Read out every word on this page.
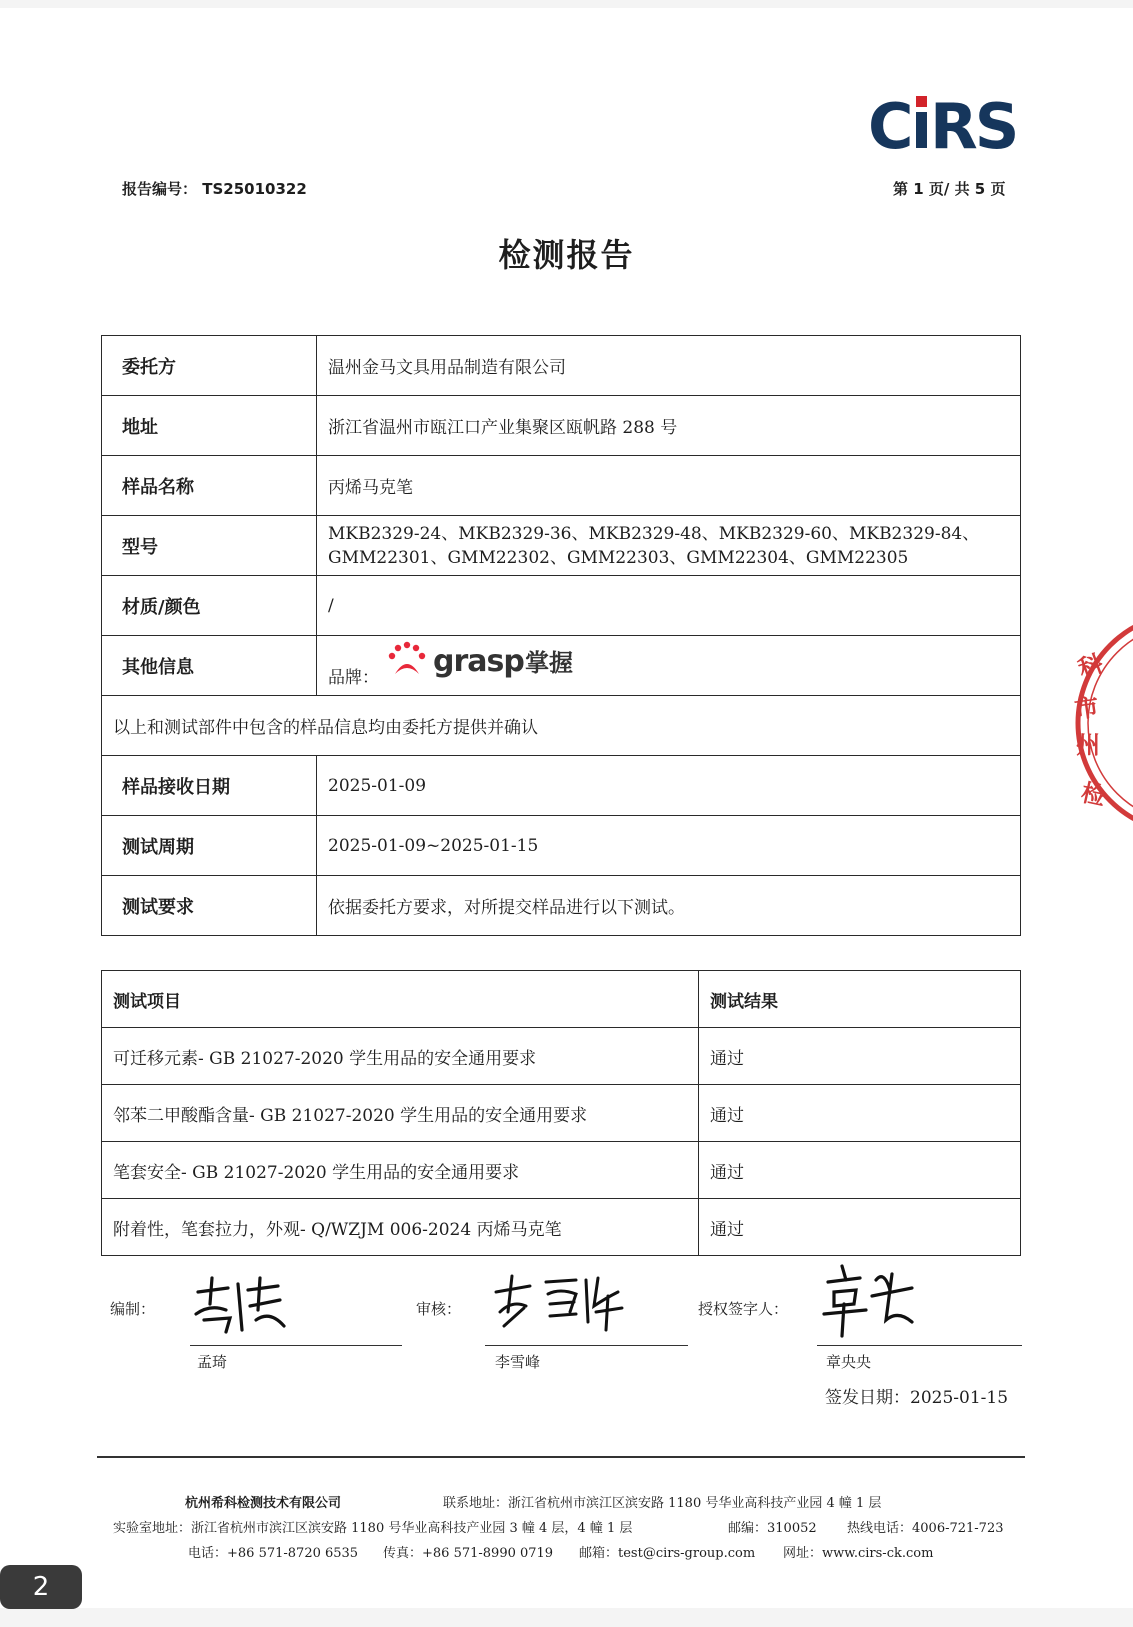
C RS
报告编号： TS25010322	第 1 页/ 共 5 页
检测报告
委托方	温州金马文具用品制造有限公司
地址	浙江省温州市瓯江口产业集聚区瓯帆路 288 号
样品名称	丙烯马克笔
型号	MKB2329-24、MKB2329-36、MKB2329-48、MKB2329-60、MKB2329-84、
GMM22301、GMM22302、GMM22303、GMM22304、GMM22305

材质/颜色	/
其他信息	品牌： grasp 掌握

以上和测试部件中包含的样品信息均由委托方提供并确认	
样品接收日期	2025-01-09
测试周期	2025-01-09~2025-01-15
测试要求	依据委托方要求，对所提交样品进行以下测试。
测试项目	测试结果
可迁移元素- GB 21027-2020 学生用品的安全通用要求	通过
邻苯二甲酸酯含量- GB 21027-2020 学生用品的安全通用要求	通过
笔套安全- GB 21027-2020 学生用品的安全通用要求	通过
附着性，笔套拉力，外观- Q/WZJM 006-2024 丙烯马克笔	通过
编制：
孟琦
审核：
李雪峰
授权签字人：
章央央
签发日期：2025-01-15
杭州希科检测技术有限公司	联系地址：浙江省杭州市滨江区滨安路 1180 号华业高科技产业园 4 幢 1 层
实验室地址：浙江省杭州市滨江区滨安路 1180 号华业高科技产业园 3 幢 4 层，4 幢 1 层	邮编：310052 热线电话：4006-721-723
电话：+86 571-8720 6535 传真：+86 571-8990 0719 邮箱：test@cirs-group.com 网址：www.cirs-ck.com
科
市
州
检
2
